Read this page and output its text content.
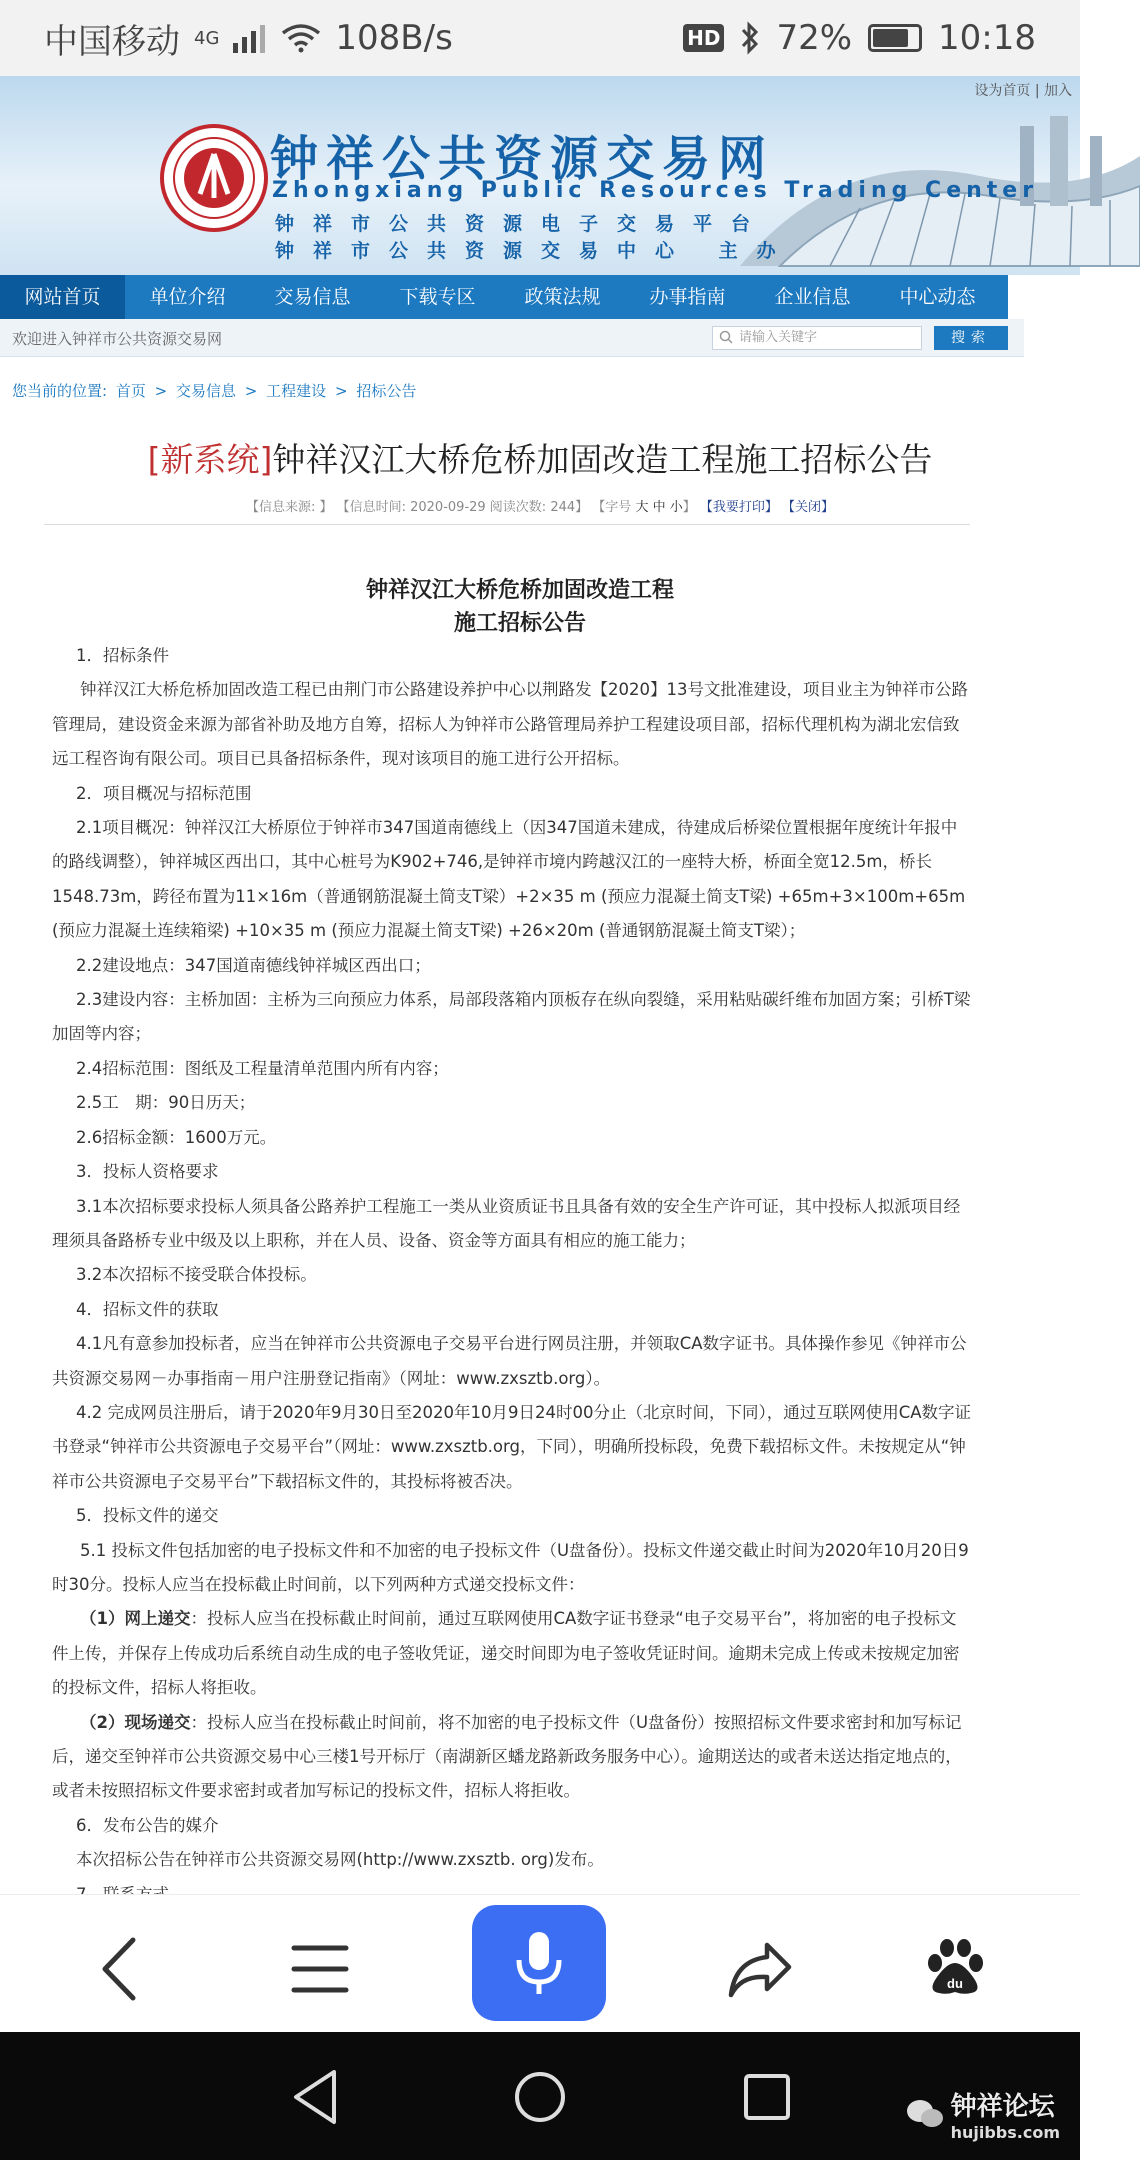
中国移动 4G	108B/s	HD 72%	10:18
设为首页 | 加入
钟祥公共资源交易网
Zhongxiang Public Resources Trading Center
钟祥市公共资源电子交易平台
钟祥市公共资源交易中心 主办
网站首页	单位介绍	交易信息	下载专区	政策法规	办事指南	企业信息	中心动态
欢迎进入钟祥市公共资源交易网	请输入关键字	搜索
您当前的位置: 首页 > 交易信息 > 工程建设 > 招标公告
[新系统]钟祥汉江大桥危桥加固改造工程施工招标公告
【信息来源: 】 【信息时间: 2020-09-29 阅读次数: 244】 【字号 大 中 小】 【我要打印】 【关闭】
钟祥汉江大桥危桥加固改造工程
施工招标公告

1．招标条件

钟祥汉江大桥危桥加固改造工程已由荆门市公路建设养护中心以荆路发【2020】13号文批准建设，项目业主为钟祥市公路管理局，建设资金来源为部省补助及地方自筹，招标人为钟祥市公路管理局养护工程建设项目部，招标代理机构为湖北宏信致远工程咨询有限公司。项目已具备招标条件，现对该项目的施工进行公开招标。

2．项目概况与招标范围

2.1项目概况：钟祥汉江大桥原位于钟祥市347国道南德线上（因347国道未建成，待建成后桥梁位置根据年度统计年报中的路线调整），钟祥城区西出口，其中心桩号为K902+746,是钟祥市境内跨越汉江的一座特大桥，桥面全宽12.5m，桥长1548.73m，跨径布置为11×16m（普通钢筋混凝土简支T梁）+2×35 m (预应力混凝土简支T梁) +65m+3×100m+65m (预应力混凝土连续箱梁) +10×35 m (预应力混凝土简支T梁) +26×20m (普通钢筋混凝土简支T梁）；

2.2建设地点：347国道南德线钟祥城区西出口；

2.3建设内容：主桥加固：主桥为三向预应力体系，局部段落箱内顶板存在纵向裂缝，采用粘贴碳纤维布加固方案；引桥T梁加固等内容；

2.4招标范围：图纸及工程量清单范围内所有内容；

2.5工　期：90日历天；

2.6招标金额：1600万元。

3．投标人资格要求

3.1本次招标要求投标人须具备公路养护工程施工一类从业资质证书且具备有效的安全生产许可证，其中投标人拟派项目经理须具备路桥专业中级及以上职称，并在人员、设备、资金等方面具有相应的施工能力；

3.2本次招标不接受联合体投标。

4．招标文件的获取

4.1凡有意参加投标者，应当在钟祥市公共资源电子交易平台进行网员注册，并领取CA数字证书。具体操作参见《钟祥市公共资源交易网－办事指南－用户注册登记指南》（网址：www.zxsztb.org）。

4.2 完成网员注册后，请于2020年9月30日至2020年10月9日24时00分止（北京时间，下同），通过互联网使用CA数字证书登录“钟祥市公共资源电子交易平台”（网址：www.zxsztb.org，下同），明确所投标段，免费下载招标文件。未按规定从“钟祥市公共资源电子交易平台”下载招标文件的，其投标将被否决。

5．投标文件的递交

5.1 投标文件包括加密的电子投标文件和不加密的电子投标文件（U盘备份）。投标文件递交截止时间为2020年10月20日9时30分。投标人应当在投标截止时间前，以下列两种方式递交投标文件：

（1）网上递交：投标人应当在投标截止时间前，通过互联网使用CA数字证书登录“电子交易平台”，将加密的电子投标文件上传，并保存上传成功后系统自动生成的电子签收凭证，递交时间即为电子签收凭证时间。逾期未完成上传或未按规定加密的投标文件，招标人将拒收。

（2）现场递交：投标人应当在投标截止时间前，将不加密的电子投标文件（U盘备份）按照招标文件要求密封和加写标记后，递交至钟祥市公共资源交易中心三楼1号开标厅（南湖新区蟠龙路新政务服务中心）。逾期送达的或者未送达指定地点的，或者未按照招标文件要求密封或者加写标记的投标文件，招标人将拒收。

6．发布公告的媒介

本次招标公告在钟祥市公共资源交易网(http://www.zxsztb. org)发布。

du
钟祥论坛
hujibbs.com
